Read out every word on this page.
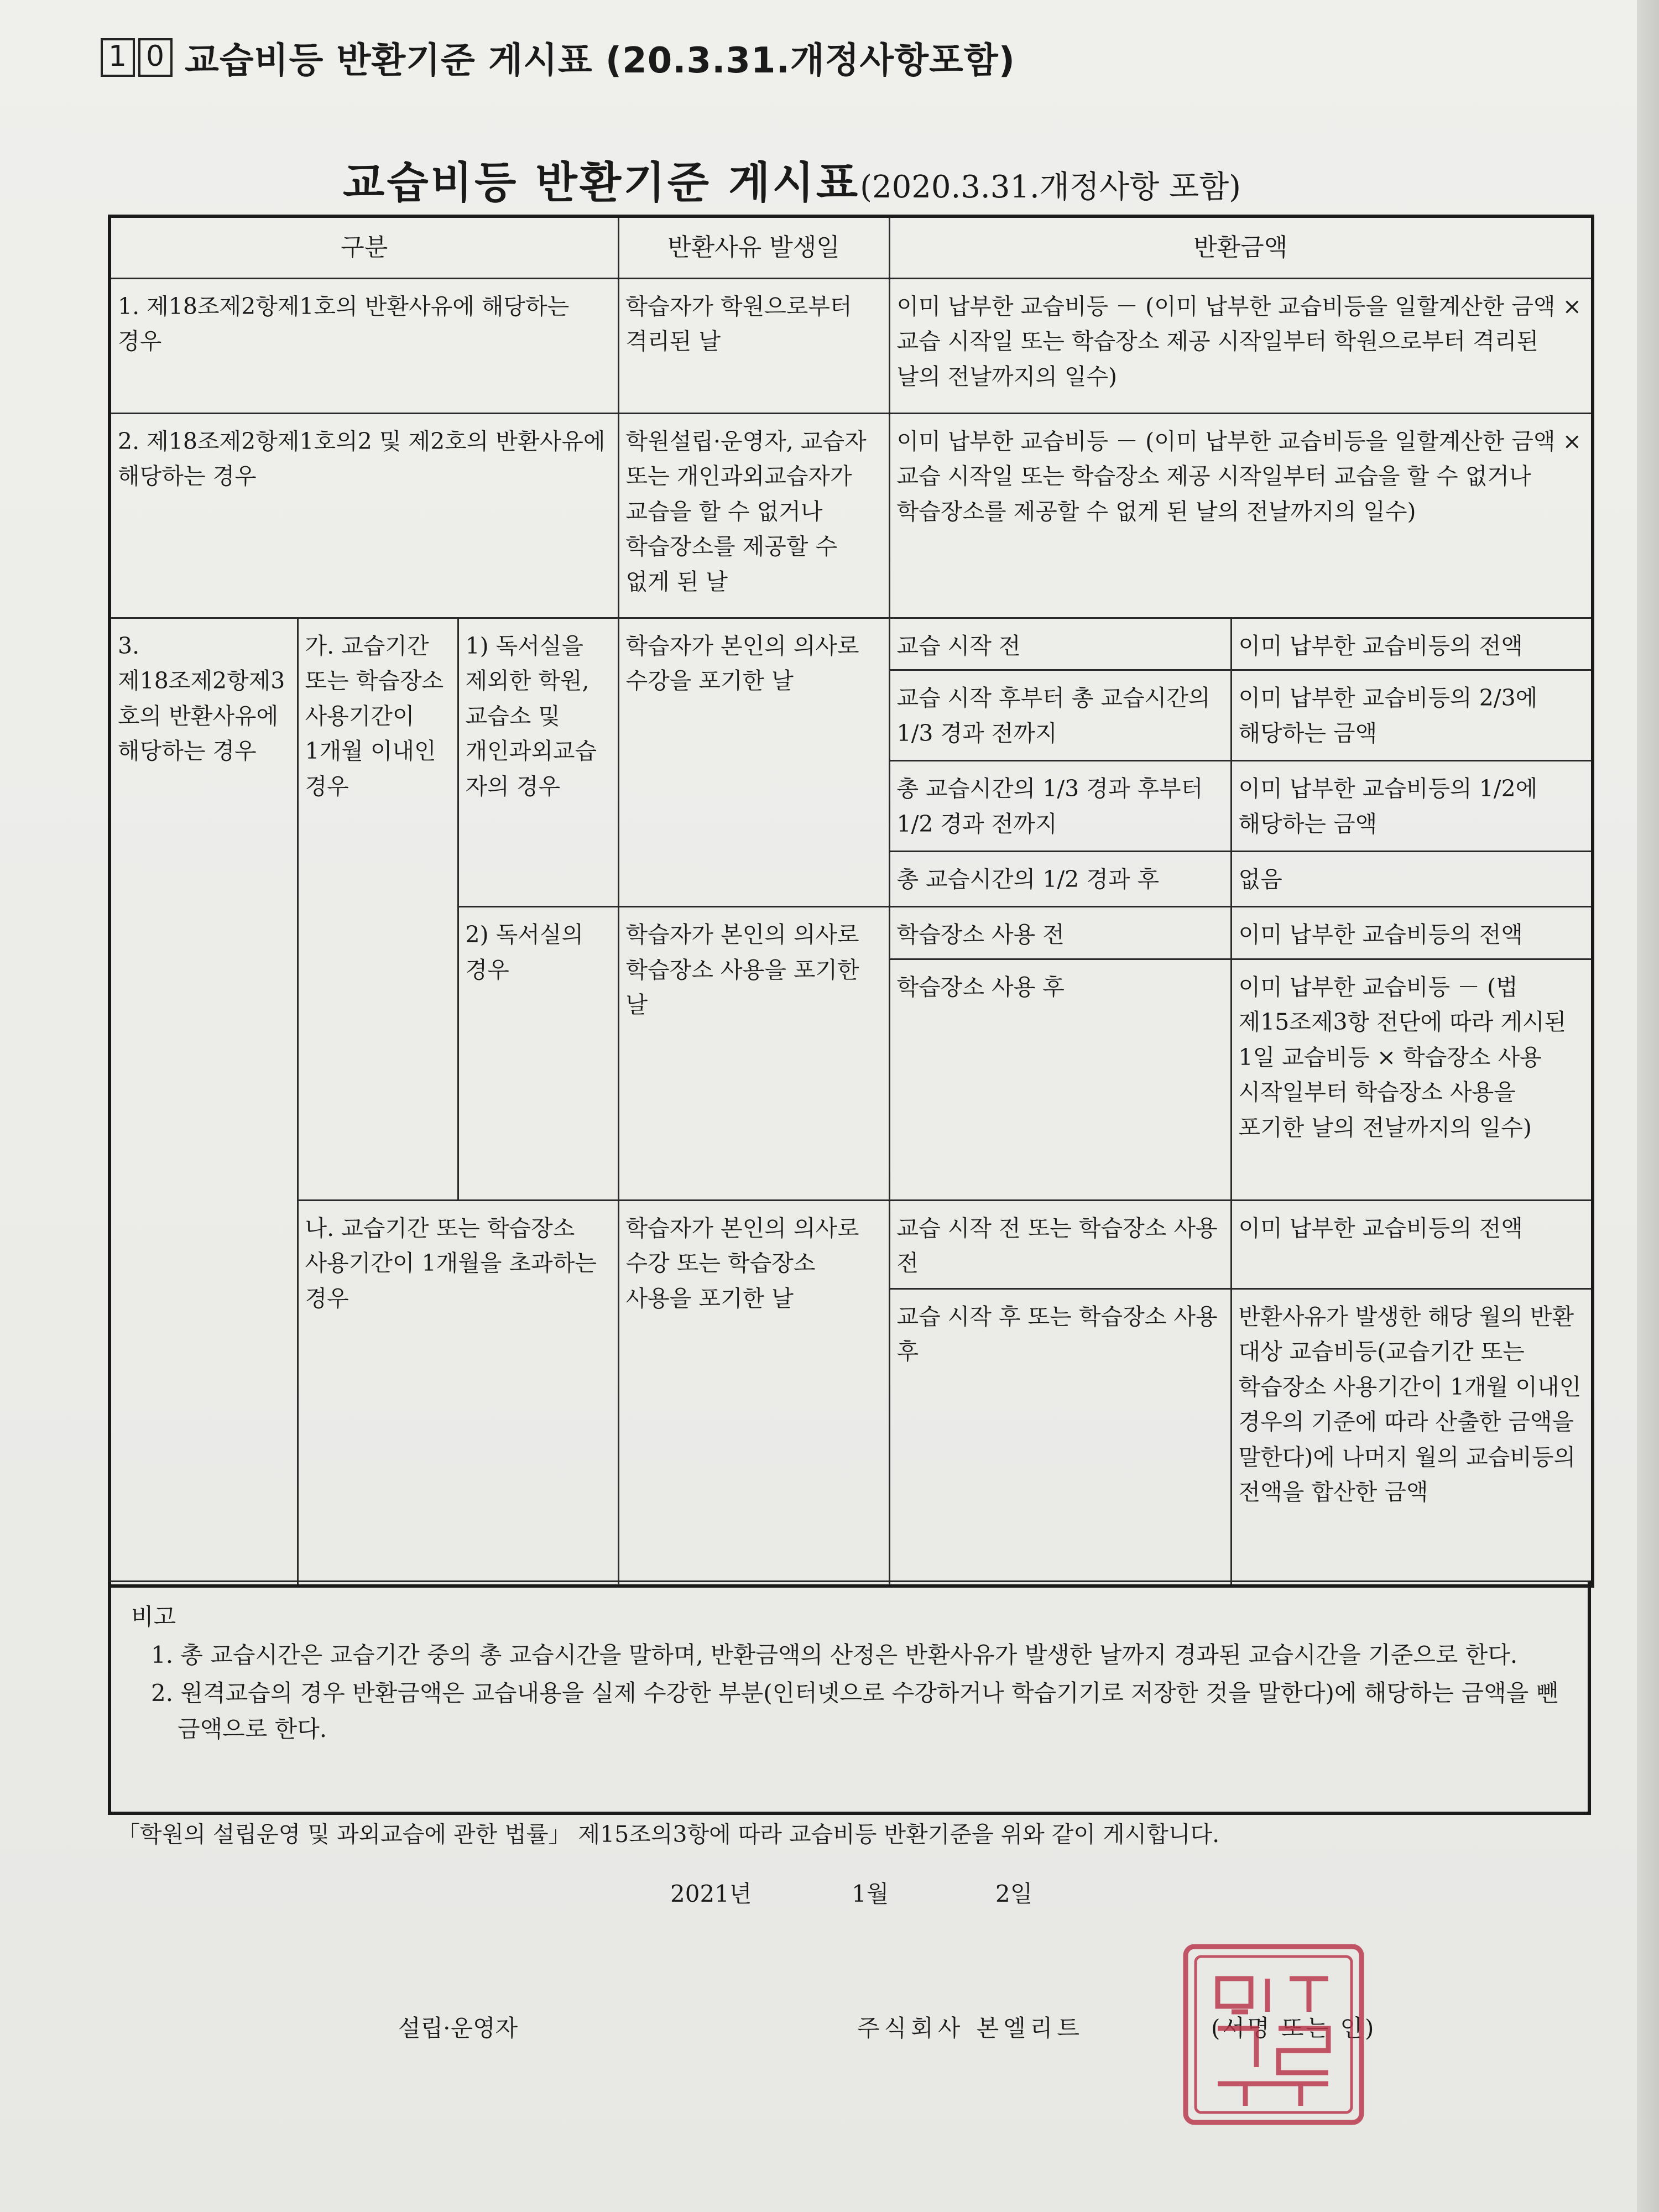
1 0 교습비등 반환기준 게시표 (20.3.31.개정사항포함)
교습비등 반환기준 게시표(2020.3.31.개정사항 포함)
구분			반환사유 발생일	반환금액	
1. 제18조제2항제1호의 반환사유에 해당하는 경우			학습자가 학원으로부터 격리된 날	이미 납부한 교습비등 － (이미 납부한 교습비등을 일할계산한 금액 × 교습 시작일 또는 학습장소 제공 시작일부터 학원으로부터 격리된 날의 전날까지의 일수)	
2. 제18조제2항제1호의2 및 제2호의 반환사유에 해당하는 경우			학원설립·운영자, 교습자 또는 개인과외교습자가 교습을 할 수 없거나 학습장소를 제공할 수 없게 된 날	이미 납부한 교습비등 － (이미 납부한 교습비등을 일할계산한 금액 × 교습 시작일 또는 학습장소 제공 시작일부터 교습을 할 수 없거나 학습장소를 제공할 수 없게 된 날의 전날까지의 일수)	
3. 제18조제2항제3호의 반환사유에 해당하는 경우	가. 교습기간 또는 학습장소 사용기간이 1개월 이내인 경우	1) 독서실을 제외한 학원, 교습소 및 개인과외교습자의 경우	학습자가 본인의 의사로 수강을 포기한 날	교습 시작 전	이미 납부한 교습비등의 전액
				교습 시작 후부터 총 교습시간의 1/3 경과 전까지	이미 납부한 교습비등의 2/3에 해당하는 금액
				총 교습시간의 1/3 경과 후부터 1/2 경과 전까지	이미 납부한 교습비등의 1/2에 해당하는 금액
				총 교습시간의 1/2 경과 후	없음
		2) 독서실의 경우	학습자가 본인의 의사로 학습장소 사용을 포기한 날	학습장소 사용 전	이미 납부한 교습비등의 전액
				학습장소 사용 후	이미 납부한 교습비등 － (법 제15조제3항 전단에 따라 게시된 1일 교습비등 × 학습장소 사용 시작일부터 학습장소 사용을 포기한 날의 전날까지의 일수)
	나. 교습기간 또는 학습장소 사용기간이 1개월을 초과하는 경우		학습자가 본인의 의사로 수강 또는 학습장소 사용을 포기한 날	교습 시작 전 또는 학습장소 사용 전	이미 납부한 교습비등의 전액
				교습 시작 후 또는 학습장소 사용 후	반환사유가 발생한 해당 월의 반환 대상 교습비등(교습기간 또는 학습장소 사용기간이 1개월 이내인 경우의 기준에 따라 산출한 금액을 말한다)에 나머지 월의 교습비등의 전액을 합산한 금액

비고
1. 총 교습시간은 교습기간 중의 총 교습시간을 말하며, 반환금액의 산정은 반환사유가 발생한 날까지 경과된 교습시간을 기준으로 한다.
2. 원격교습의 경우 반환금액은 교습내용을 실제 수강한 부분(인터넷으로 수강하거나 학습기기로 저장한 것을 말한다)에 해당하는 금액을 뺀 금액으로 한다.
「학원의 설립운영 및 과외교습에 관한 법률」 제15조의3항에 따라 교습비등 반환기준을 위와 같이 게시합니다.
2021년	1월	2일
설립·운영자	주식회사 본엘리트	(서명 또는 인)
